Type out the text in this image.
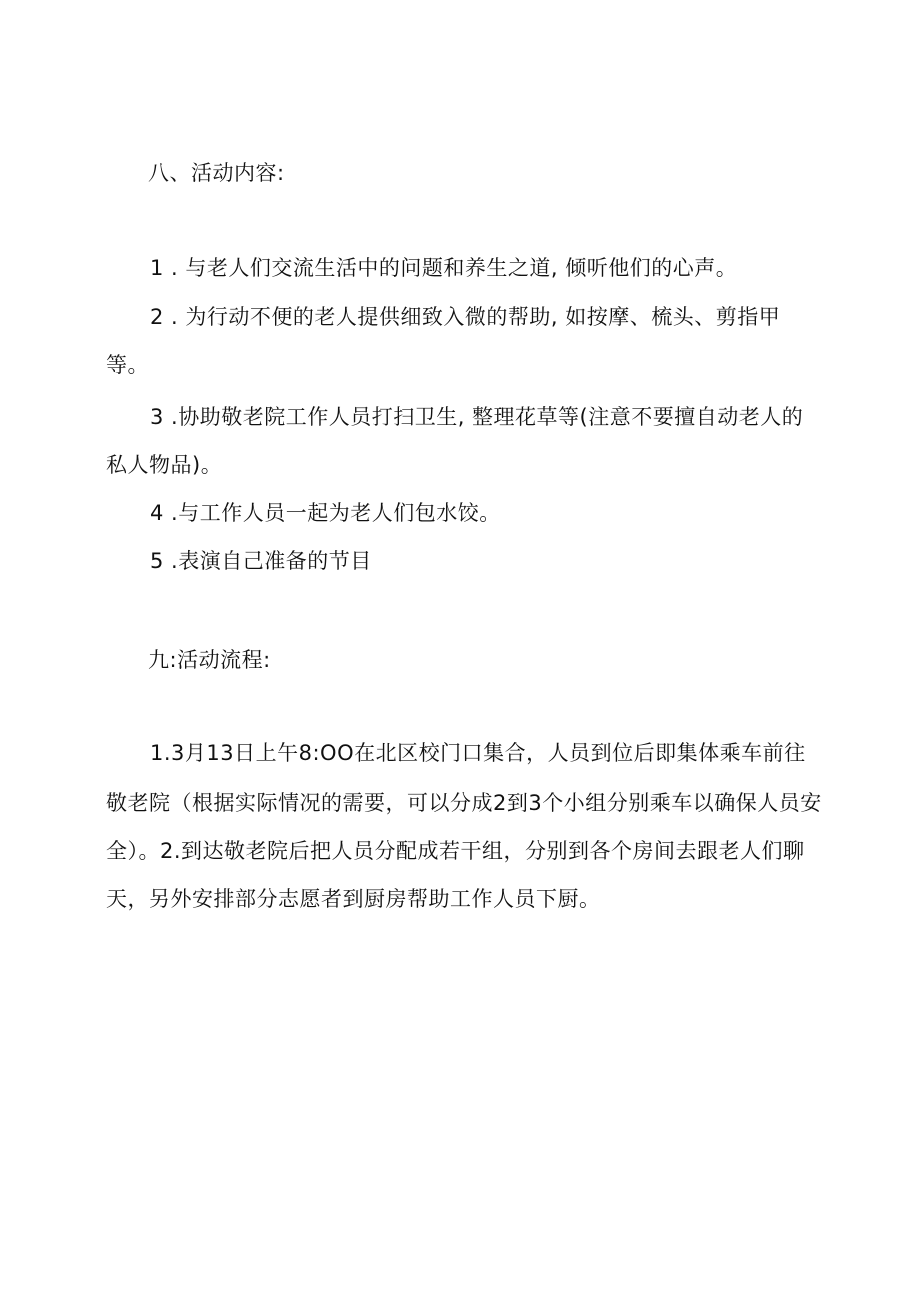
八、活动内容:
1 . 与老人们交流生活中的问题和养生之道, 倾听他们的心声。
2 . 为行动不便的老人提供细致入微的帮助, 如按摩、梳头、剪指甲
等。
3 .协助敬老院工作人员打扫卫生, 整理花草等(注意不要擅自动老人的
私人物品)。
4 .与工作人员一起为老人们包水饺。
5 .表演自己准备的节目
九:活动流程:
1.3月13日上午8:OO在北区校门口集合，人员到位后即集体乘车前往
敬老院（根据实际情况的需要，可以分成2到3个小组分别乘车以确保人员安
全）。2.到达敬老院后把人员分配成若干组，分别到各个房间去跟老人们聊
天，另外安排部分志愿者到厨房帮助工作人员下厨。
